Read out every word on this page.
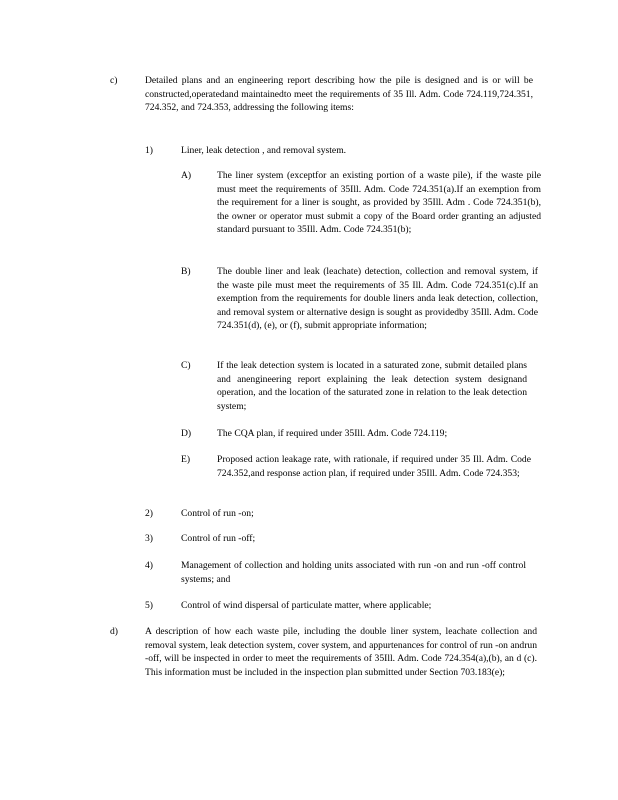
c)	Detailed plans and an engineering report describing how the pile is designed and is or will be constructed,operatedand maintainedto meet the requirements of 35 Ill. Adm. Code 724.119,724.351, 724.352, and 724.353, addressing the following items:
1)	Liner, leak detection , and removal system.
A)	The liner system (exceptfor an existing portion of a waste pile), if the waste pile must meet the requirements of 35Ill. Adm. Code 724.351(a).If an exemption from the requirement for a liner is sought, as provided by 35Ill. Adm . Code 724.351(b), the owner or operator must submit a copy of the Board order granting an adjusted standard pursuant to 35Ill. Adm. Code 724.351(b);
B)	The double liner and leak (leachate) detection, collection and removal system, if the waste pile must meet the requirements of 35 Ill. Adm. Code 724.351(c).If an exemption from the requirements for double liners anda leak detection, collection, and removal system or alternative design is sought as providedby 35Ill. Adm. Code 724.351(d), (e), or (f), submit appropriate information;
C)	If the leak detection system is located in a saturated zone, submit detailed plans and anengineering report explaining the leak detection system designand operation, and the location of the saturated zone in relation to the leak detection system;
D)	The CQA plan, if required under 35Ill. Adm. Code 724.119;
E)	Proposed action leakage rate, with rationale, if required under 35 Ill. Adm. Code 724.352,and response action plan, if required under 35Ill. Adm. Code 724.353;
2)	Control of run -on;
3)	Control of run -off;
4)	Management of collection and holding units associated with run -on and run -off control systems; and
5)	Control of wind dispersal of particulate matter, where applicable;
d)	A description of how each waste pile, including the double liner system, leachate collection and removal system, leak detection system, cover system, and appurtenances for control of run -on andrun -off, will be inspected in order to meet the requirements of 35Ill. Adm. Code 724.354(a),(b), an d (c). This information must be included in the inspection plan submitted under Section 703.183(e);
